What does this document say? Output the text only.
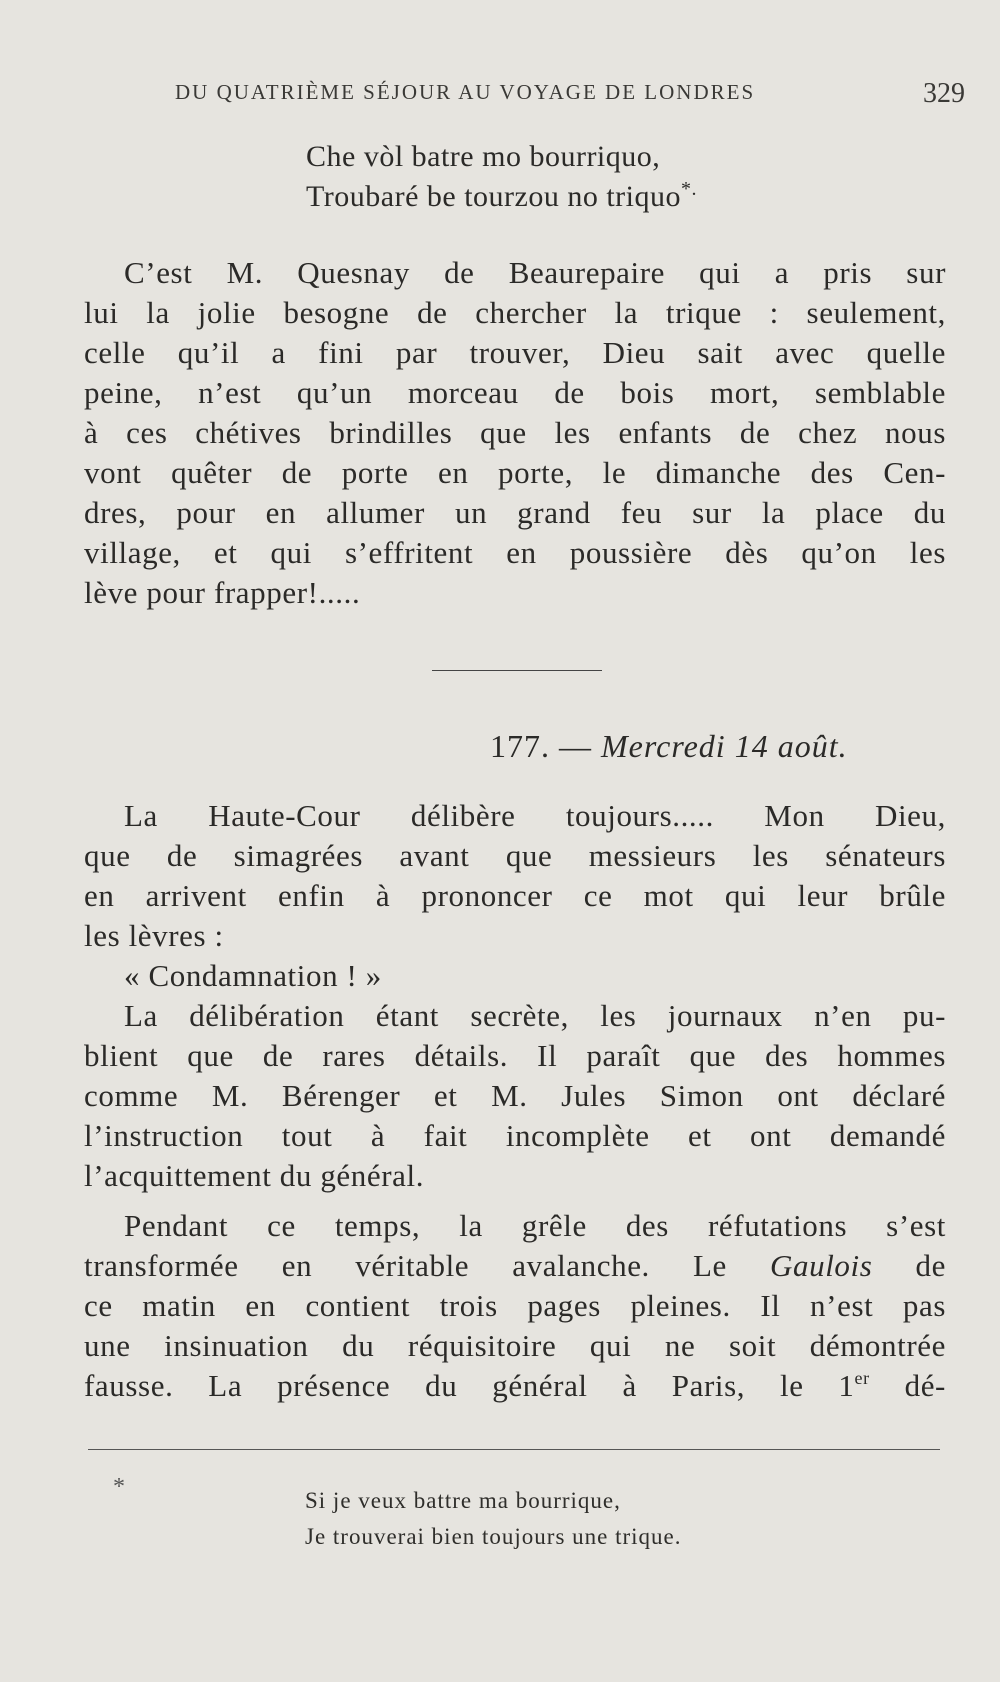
DU QUATRIÈME SÉJOUR AU VOYAGE DE LONDRES	329
Che vòl batre mo bourriquo,
Troubaré be tourzou no triquo*.
C’est M. Quesnay de Beaurepaire qui a pris sur
lui la jolie besogne de chercher la trique : seulement,
celle qu’il a fini par trouver, Dieu sait avec quelle
peine, n’est qu’un morceau de bois mort, semblable
à ces chétives brindilles que les enfants de chez nous
vont quêter de porte en porte, le dimanche des Cen-
dres, pour en allumer un grand feu sur la place du
village, et qui s’effritent en poussière dès qu’on les
lève pour frapper!.....
177. — Mercredi 14 août.
La Haute-Cour délibère toujours..... Mon Dieu,
que de simagrées avant que messieurs les sénateurs
en arrivent enfin à prononcer ce mot qui leur brûle
les lèvres :
« Condamnation ! »
La délibération étant secrète, les journaux n’en pu-
blient que de rares détails. Il paraît que des hommes
comme M. Bérenger et M. Jules Simon ont déclaré
l’instruction tout à fait incomplète et ont demandé
l’acquittement du général.
Pendant ce temps, la grêle des réfutations s’est
transformée en véritable avalanche. Le Gaulois de
ce matin en contient trois pages pleines. Il n’est pas
une insinuation du réquisitoire qui ne soit démontrée
fausse. La présence du général à Paris, le 1er dé-
*
Si je veux battre ma bourrique,
Je trouverai bien toujours une trique.
